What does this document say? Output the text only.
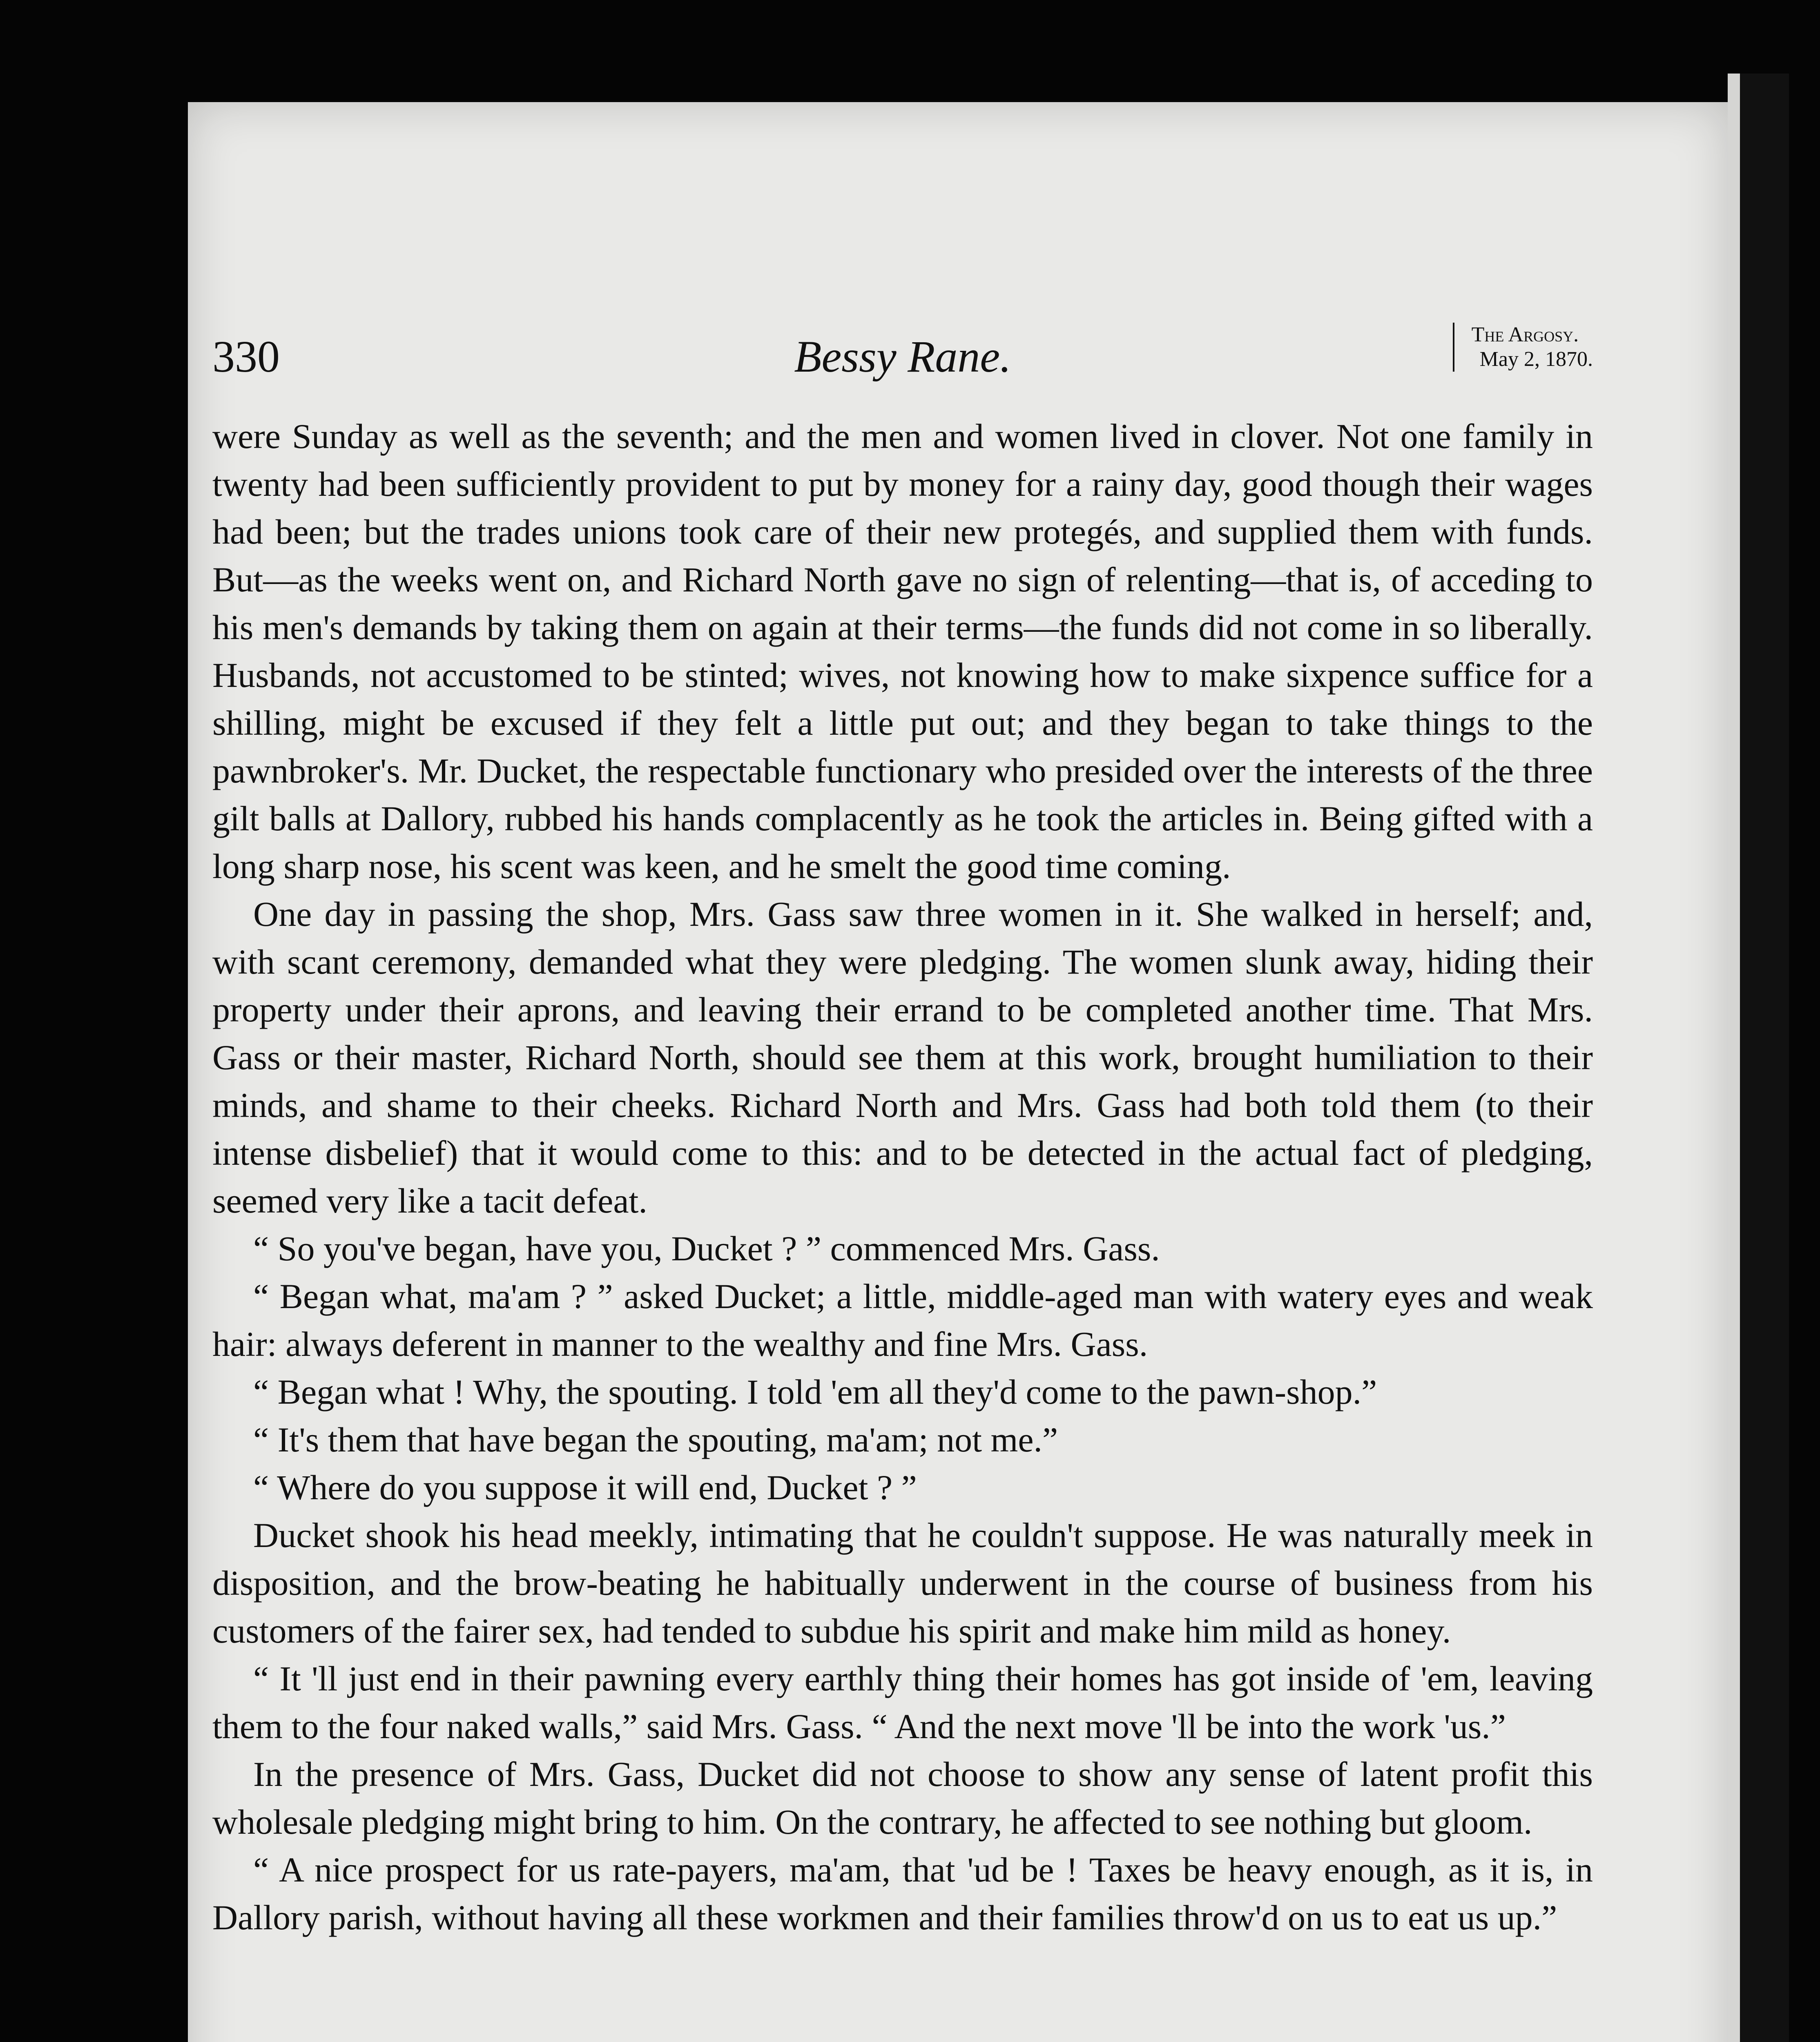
330	Bessy Rane.	The Argosy.
May 2, 1870.

were Sunday as well as the seventh; and the men and women lived in clover. Not one family in twenty had been sufficiently provident to put by money for a rainy day, good though their wages had been; but the trades unions took care of their new protegés, and supplied them with funds. But—as the weeks went on, and Richard North gave no sign of relenting—that is, of acceding to his men's demands by taking them on again at their terms—the funds did not come in so liberally. Husbands, not accustomed to be stinted; wives, not knowing how to make sixpence suffice for a shilling, might be excused if they felt a little put out; and they began to take things to the pawnbroker's. Mr. Ducket, the respectable functionary who presided over the interests of the three gilt balls at Dallory, rubbed his hands complacently as he took the articles in. Being gifted with a long sharp nose, his scent was keen, and he smelt the good time coming.

One day in passing the shop, Mrs. Gass saw three women in it. She walked in herself; and, with scant ceremony, demanded what they were pledging. The women slunk away, hiding their property under their aprons, and leaving their errand to be completed another time. That Mrs. Gass or their master, Richard North, should see them at this work, brought humiliation to their minds, and shame to their cheeks. Richard North and Mrs. Gass had both told them (to their intense disbelief) that it would come to this: and to be detected in the actual fact of pledging, seemed very like a tacit defeat.

“ So you've began, have you, Ducket ? ” commenced Mrs. Gass.

“ Began what, ma'am ? ” asked Ducket; a little, middle-aged man with watery eyes and weak hair: always deferent in manner to the wealthy and fine Mrs. Gass.

“ Began what ! Why, the spouting. I told 'em all they'd come to the pawn-shop.”

“ It's them that have began the spouting, ma'am; not me.”

“ Where do you suppose it will end, Ducket ? ”

Ducket shook his head meekly, intimating that he couldn't suppose. He was naturally meek in disposition, and the brow-beating he habitually underwent in the course of business from his customers of the fairer sex, had tended to subdue his spirit and make him mild as honey.

“ It 'll just end in their pawning every earthly thing their homes has got inside of 'em, leaving them to the four naked walls,” said Mrs. Gass. “ And the next move 'll be into the work 'us.”

In the presence of Mrs. Gass, Ducket did not choose to show any sense of latent profit this wholesale pledging might bring to him. On the contrary, he affected to see nothing but gloom.

“ A nice prospect for us rate-payers, ma'am, that 'ud be ! Taxes be heavy enough, as it is, in Dallory parish, without having all these workmen and their families throw'd on us to eat us up.”
